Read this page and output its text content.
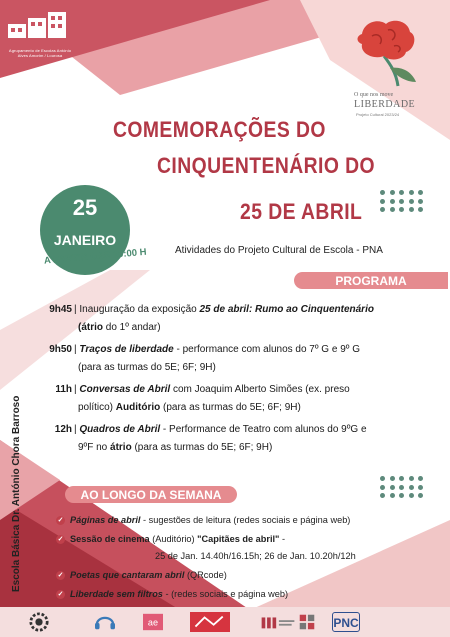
Agrupamento de Escolas António Alves Amorim / Lourosa
O que nos move
LIBERDADE
Projeto Cultural 2023/24
COMEMORAÇÕES DO
CINQUENTENÁRIO DO
25 DE ABRIL
25
JANEIRO
A PARTIR DAS 10:00 H	Atividades do Projeto Cultural de Escola - PNA
PROGRAMA
9h45 | Inauguração da exposição 25 de abril: Rumo ao Cinquentenário
(átrio do 1º andar)
9h50 | Traços de liberdade - performance com alunos do 7º G e 9º G
(para as turmas do 5E; 6F; 9H)
11h | Conversas de Abril com Joaquim Alberto Simões (ex. preso
político) Auditório (para as turmas do 5E; 6F; 9H)
12h | Quadros de Abril - Performance de Teatro com alunos do 9ºG e
9ºF no átrio (para as turmas do 5E; 6F; 9H)
Escola Básica Dr. António Chora Barroso	AO LONGO DA SEMANA
✓ Páginas de abril - sugestões de leitura (redes sociais e página web)
✓ Sessão de cinema (Auditório) "Capitães de abril" -
25 de Jan. 14.40h/16.15h; 26 de Jan. 10.20h/12h
✓ Poetas que cantaram abril (QRcode)
✓ Liberdade sem filtros - (redes sociais e página web)
ae	PNC
